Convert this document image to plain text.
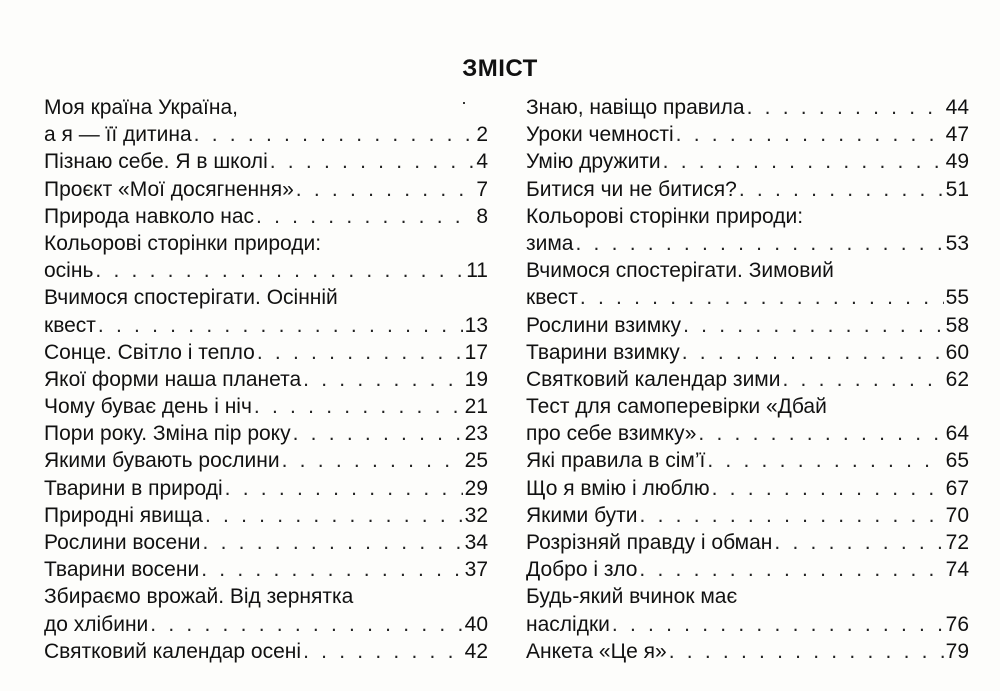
ЗМІСТ
·
Моя країна Україна,
а я — її дитина . . .	2
Пізнаю себе. Я в школі . . .	4
Проєкт «Мої досягнення» . . .	7
Природа навколо нас . . .	8
Кольорові сторінки природи:
осінь . . .	11
Вчимося спостерігати. Осінній
квест . . .	13
Сонце. Світло і тепло . . .	17
Якої форми наша планета . . .	19
Чому буває день і ніч . . .	21
Пори року. Зміна пір року . . .	23
Якими бувають рослини . . .	25
Тварини в природі . . .	29
Природні явища . . .	32
Рослини восени . . .	34
Тварини восени . . .	37
Збираємо врожай. Від зернятка
до хлібини . . .	40
Святковий календар осені . . .	42
Знаю, навіщо правила . . .	44
Уроки чемності . . .	47
Умію дружити . . .	49
Битися чи не битися? . . .	51
Кольорові сторінки природи:
зима . . .	53
Вчимося спостерігати. Зимовий
квест . . .	55
Рослини взимку . . .	58
Тварини взимку . . .	60
Святковий календар зими . . .	62
Тест для самоперевірки «Дбай
про себе взимку» . . .	64
Які правила в сім’ї . . .	65
Що я вмію і люблю . . .	67
Якими бути . . .	70
Розрізняй правду і обман . . .	72
Добро і зло . . .	74
Будь-який вчинок має
наслідки . . .	76
Анкета «Це я» . . .	79
